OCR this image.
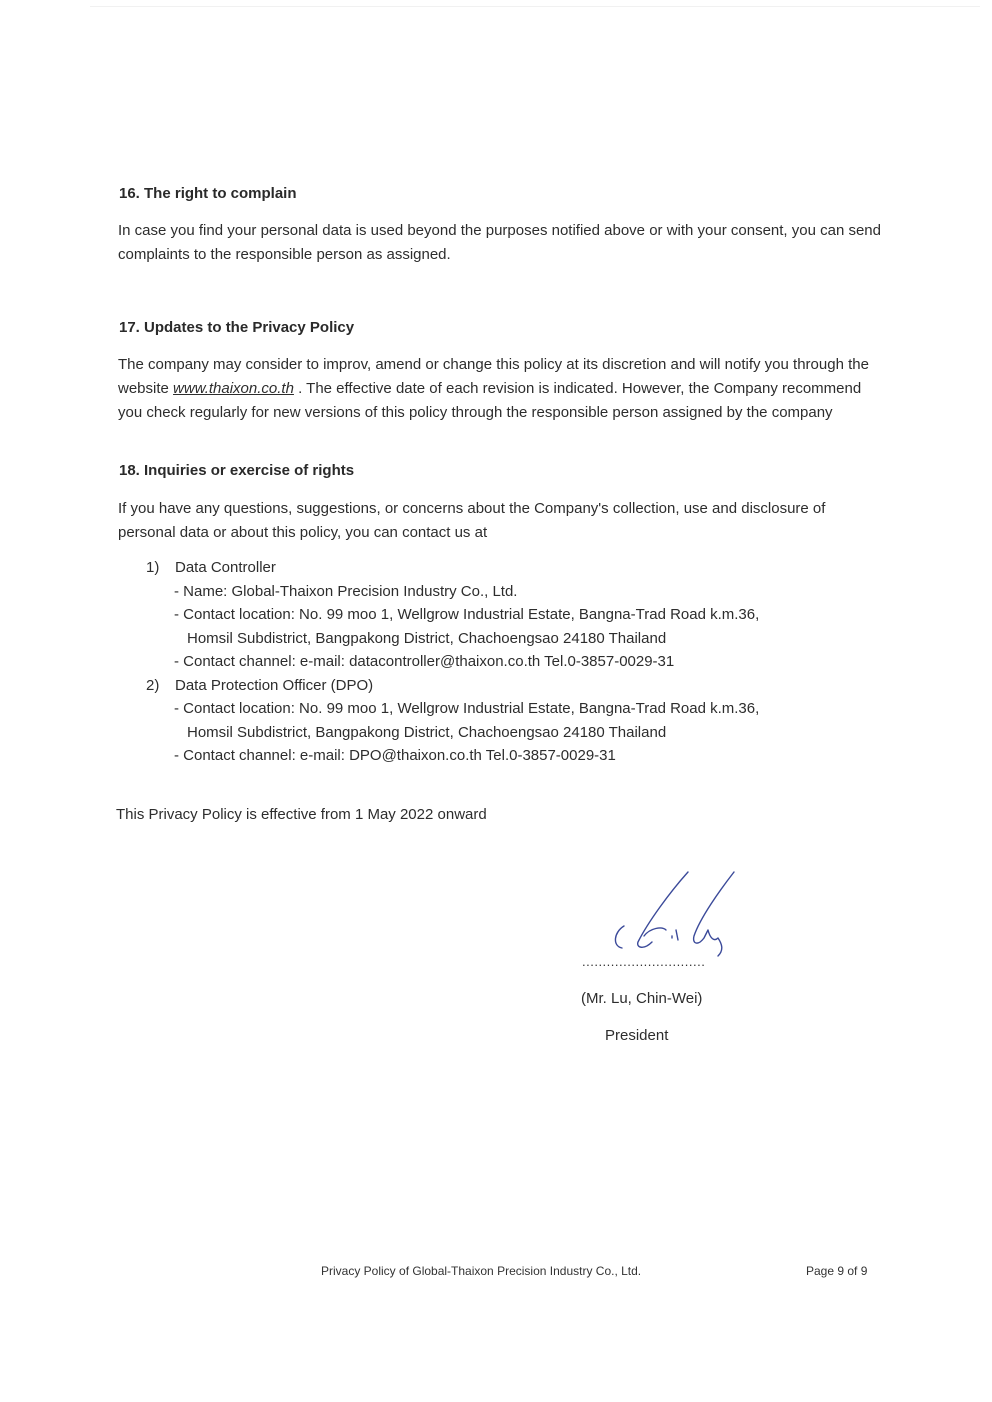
16. The right to complain
In case you find your personal data is used beyond the purposes notified above or with your consent, you can send complaints to the responsible person as assigned.
17. Updates to the Privacy Policy
The company may consider to improv, amend or change this policy at its discretion and will notify you through the website www.thaixon.co.th . The effective date of each revision is indicated. However, the Company recommend you check regularly for new versions of this policy through the responsible person assigned by the company
18. Inquiries or exercise of rights
If you have any questions, suggestions, or concerns about the Company's collection, use and disclosure of personal data or about this policy, you can contact us at
1) Data Controller
- Name: Global-Thaixon Precision Industry Co., Ltd.
- Contact location: No. 99 moo 1, Wellgrow Industrial Estate, Bangna-Trad Road k.m.36,
Homsil Subdistrict, Bangpakong District, Chachoengsao 24180 Thailand
- Contact channel: e-mail: datacontroller@thaixon.co.th Tel.0-3857-0029-31
2) Data Protection Officer (DPO)
- Contact location: No. 99 moo 1, Wellgrow Industrial Estate, Bangna-Trad Road k.m.36,
Homsil Subdistrict, Bangpakong District, Chachoengsao 24180 Thailand
- Contact channel: e-mail: DPO@thaixon.co.th Tel.0-3857-0029-31
This Privacy Policy is effective from 1 May 2022 onward
..............................
(Mr. Lu, Chin-Wei)
President
Privacy Policy of Global-Thaixon Precision Industry Co., Ltd.	Page 9 of 9
